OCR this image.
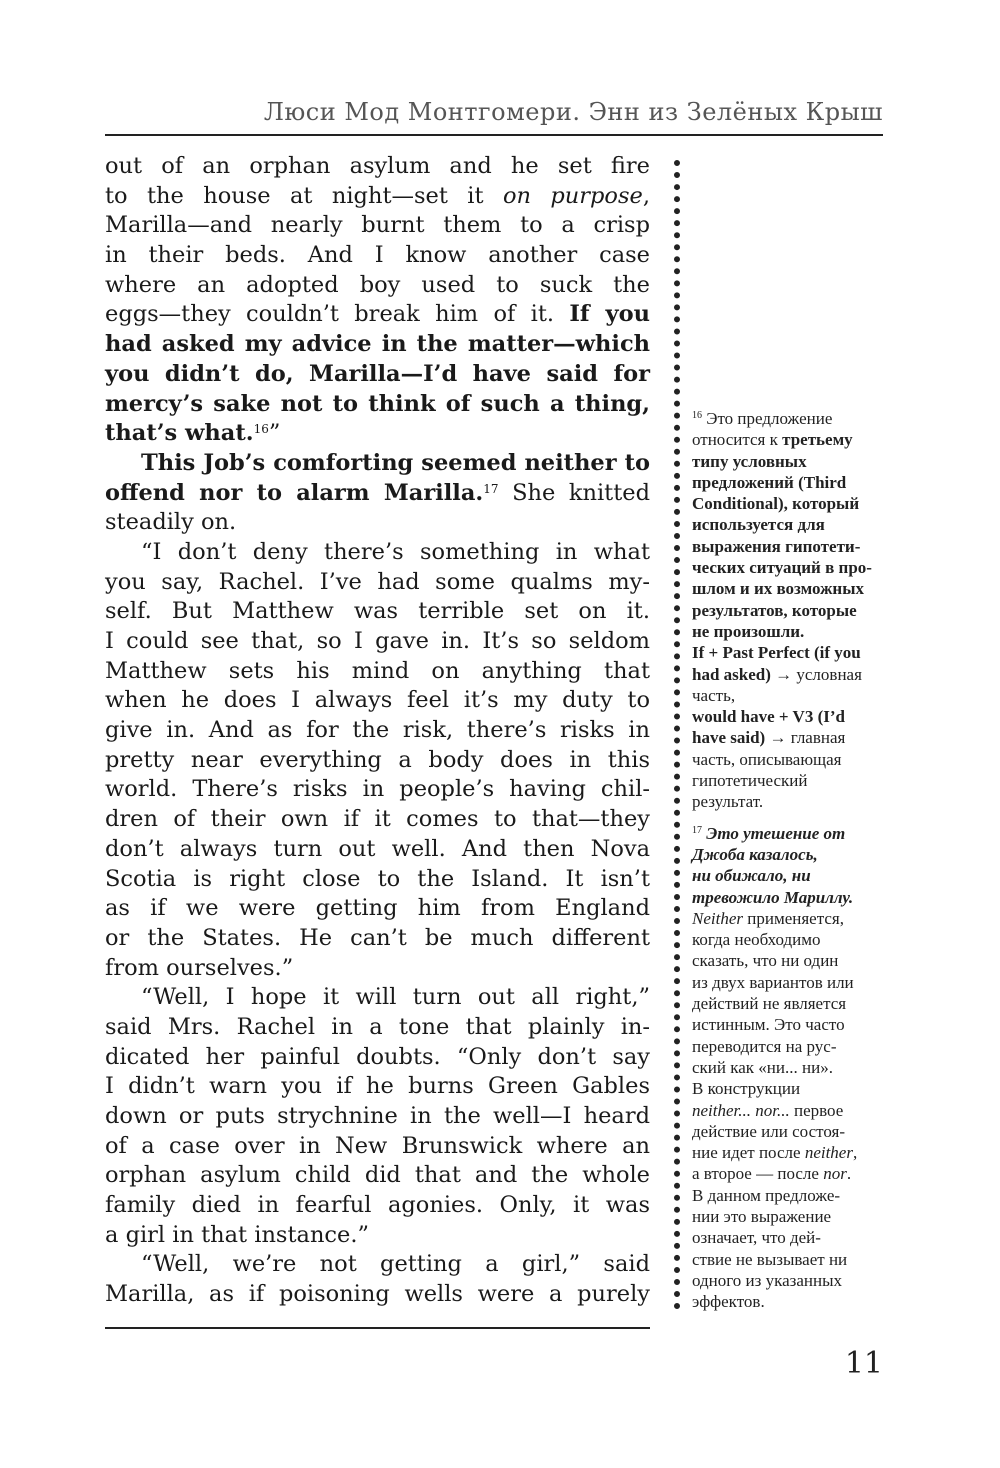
Люси Мод Монтгомери. Энн из Зелёных Крыш
out of an orphan asylum and he set fire
to the house at night—set it on purpose,
Marilla—and nearly burnt them to a crisp
in their beds. And I know another case
where an adopted boy used to suck the
eggs—they couldn’t break him of it. If you
had asked my advice in the matter—which
you didn’t do, Marilla—I’d have said for
mercy’s sake not to think of such a thing,
that’s what.$^{16}$”
This Job’s comforting seemed neither to
offend nor to alarm Marilla.$^{17}$ She knitted
steadily on.
“I don’t deny there’s something in what
you say, Rachel. I’ve had some qualms my-
self. But Matthew was terrible set on it.
I could see that, so I gave in. It’s so seldom
Matthew sets his mind on anything that
when he does I always feel it’s my duty to
give in. And as for the risk, there’s risks in
pretty near everything a body does in this
world. There’s risks in people’s having chil-
dren of their own if it comes to that—they
don’t always turn out well. And then Nova
Scotia is right close to the Island. It isn’t
as if we were getting him from England
or the States. He can’t be much different
from ourselves.”
“Well, I hope it will turn out all right,”
said Mrs. Rachel in a tone that plainly in-
dicated her painful doubts. “Only don’t say
I didn’t warn you if he burns Green Gables
down or puts strychnine in the well—I heard
of a case over in New Brunswick where an
orphan asylum child did that and the whole
family died in fearful agonies. Only, it was
a girl in that instance.”
“Well, we’re not getting a girl,” said
Marilla, as if poisoning wells were a purely
$^{16}$ Это предложение
относится к третьему
типу условных
предложений (Third
Conditional), который
используется для
выражения гипотети-
ческих ситуаций в про-
шлом и их возможных
результатов, которые
не произошли.
If + Past Perfect (if you
had asked) → условная
часть,
would have + V3 (I’d
have said) → главная
часть, описывающая
гипотетический
результат.
$^{17}$ Это утешение от
Джоба казалось,
ни обижало, ни
тревожило Мариллу.
Neither применяется,
когда необходимо
сказать, что ни один
из двух вариантов или
действий не является
истинным. Это часто
переводится на рус-
ский как «ни... ни».
В конструкции
neither... nor... первое
действие или состоя-
ние идет после neither,
а второе — после nor.
В данном предложе-
нии это выражение
означает, что дей-
ствие не вызывает ни
одного из указанных
эффектов.
11
